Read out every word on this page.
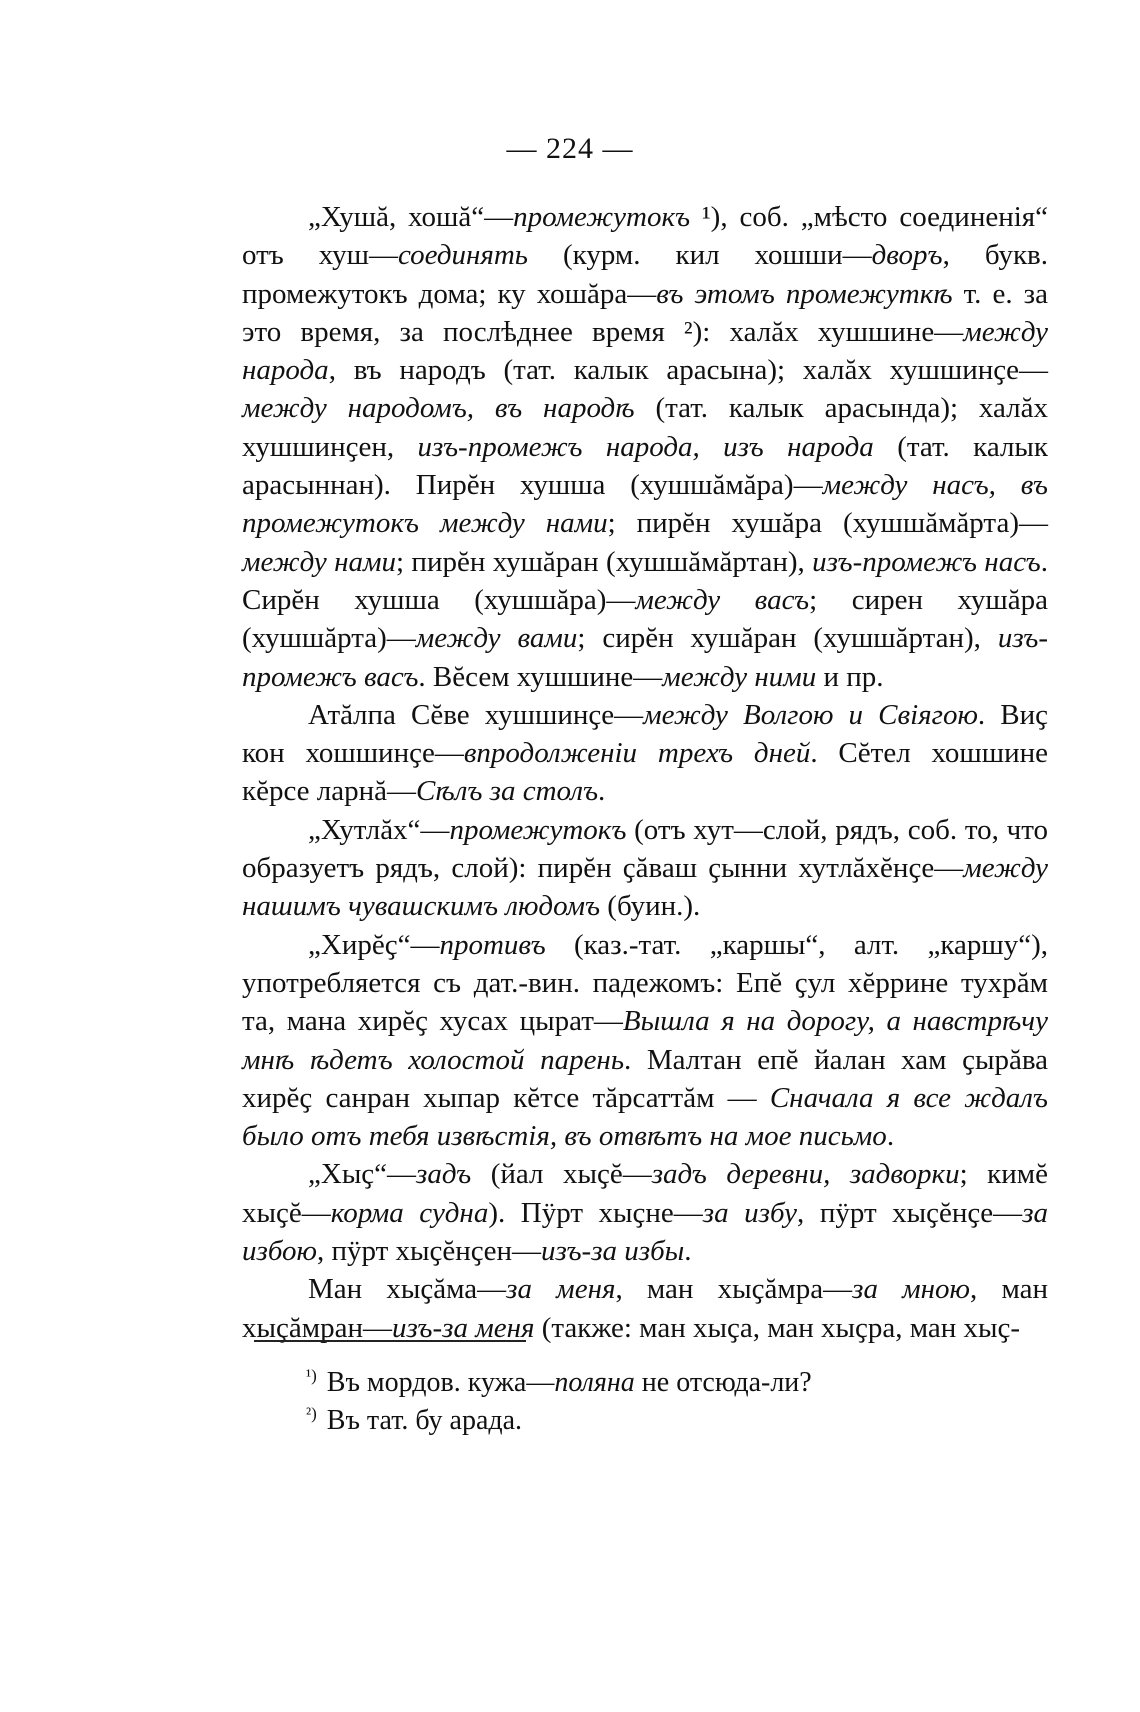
— 224 —

„Хушă, хошă“—промежутокъ ¹), соб. „мѣсто соединенія“ отъ хуш—соединять (курм. кил хошши—дворъ, букв. промежутокъ дома; ку хошăра—въ этомъ промежуткѣ т. е. за это время, за послѣднее время ²): халăх хушшине—между народа, въ народъ (тат. калык арасына); халăх хушшинҫе—между народомъ, въ народѣ (тат. калык арасында); халăх хушшинҫен, изъ-промежъ народа, изъ народа (тат. калык арасыннан). Пирĕн хушша (хушшăмăра)—между насъ, въ промежутокъ между нами; пирĕн хушăра (хушшăмăрта)—между нами; пирĕн хушăран (хушшăмăртан), изъ-промежъ насъ. Сирĕн хушша (хушшăра)—между васъ; сирен хушăра (хушшăрта)—между вами; сирĕн хушăран (хушшăртан), изъ-промежъ васъ. Вĕсем хушшине—между ними и пр.

Атăлпа Сĕве хушшинҫе—между Волгою и Свіягою. Виҫ кон хошшинҫе—впродолженіи трехъ дней. Сĕтел хошшине кĕрсе ларнă—Сѣлъ за столъ.

„Хутлăх“—промежутокъ (отъ хут—слой, рядъ, соб. то, что образуетъ рядъ, слой): пирĕн ҫăваш ҫынни хутлăхĕнҫе—между нашимъ чувашскимъ людомъ (буин.).

„Хирĕҫ“—противъ (каз.-тат. „каршы“, алт. „каршу“), употребляется съ дат.-вин. падежомъ: Епĕ ҫул хĕррине тухрăм та, мана хирĕҫ хусах цырат—Вышла я на дорогу, а навстрѣчу мнѣ ѣдетъ холостой парень. Малтан епĕ йалан хам ҫырăва хирĕҫ санран хыпар кĕтсе тăрсаттăм — Сначала я все ждалъ было отъ тебя извѣстія, въ отвѣтъ на мое письмо.

„Хыҫ“—задъ (йал хыҫĕ—задъ деревни, задворки; кимĕ хыҫĕ—корма судна). Пÿрт хыҫне—за избу, пÿрт хыҫĕнҫе—за избою, пÿрт хыҫĕнҫен—изъ-за избы.

Ман хыҫăма—за меня, ман хыҫăмра—за мною, ман хыҫăмран—изъ-за меня (также: ман хыҫа, ман хыҫра, ман хыҫ-

$^{^1)}$ Въ мордов. кужа—поляна не отсюда-ли?

$^{^2)}$ Въ тат. бу арада.
